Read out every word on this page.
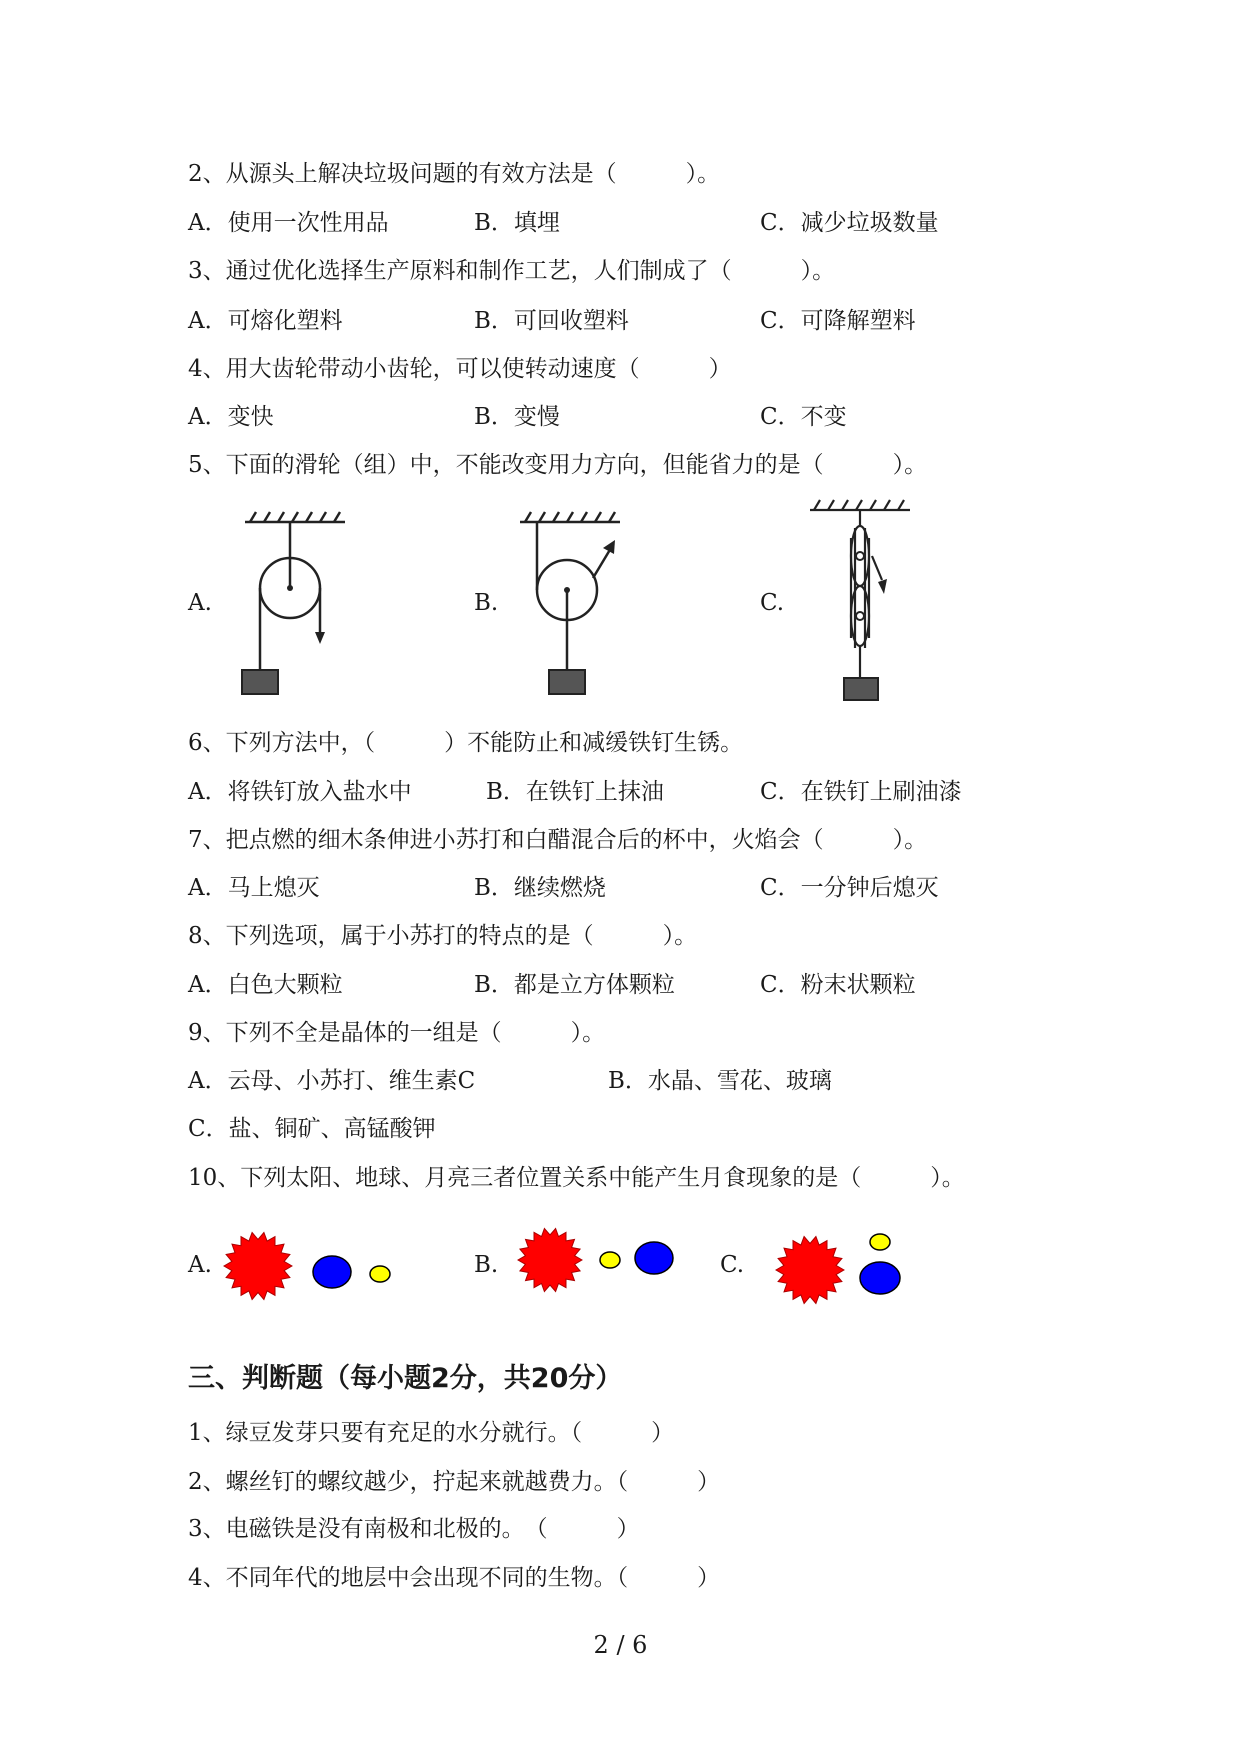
2、从源头上解决垃圾问题的有效方法是（　　　）。
A．使用一次性用品	B．填埋	C．减少垃圾数量
3、通过优化选择生产原料和制作工艺，人们制成了（　　　）。
A．可熔化塑料	B．可回收塑料	C．可降解塑料
4、用大齿轮带动小齿轮，可以使转动速度（　　　）
A．变快	B．变慢	C．不变
5、下面的滑轮（组）中，不能改变用力方向，但能省力的是（　　　）。
A.	B.	C.
6、下列方法中，（　　　）不能防止和减缓铁钉生锈。
A．将铁钉放入盐水中	B．在铁钉上抹油	C．在铁钉上刷油漆
7、把点燃的细木条伸进小苏打和白醋混合后的杯中，火焰会（　　　）。
A．马上熄灭	B．继续燃烧	C．一分钟后熄灭
8、下列选项，属于小苏打的特点的是（　　　）。
A．白色大颗粒	B．都是立方体颗粒	C．粉末状颗粒
9、下列不全是晶体的一组是（　　　）。
A．云母、小苏打、维生素C	B．水晶、雪花、玻璃
C．盐、铜矿、高锰酸钾
10、下列太阳、地球、月亮三者位置关系中能产生月食现象的是（　　　）。
A.	B.	C.
三、判断题（每小题2分，共20分）
1、绿豆发芽只要有充足的水分就行。（　　　）
2、螺丝钉的螺纹越少，拧起来就越费力。（　　　）
3、电磁铁是没有南极和北极的。　（　　　）
4、不同年代的地层中会出现不同的生物。（　　　）
2 / 6
